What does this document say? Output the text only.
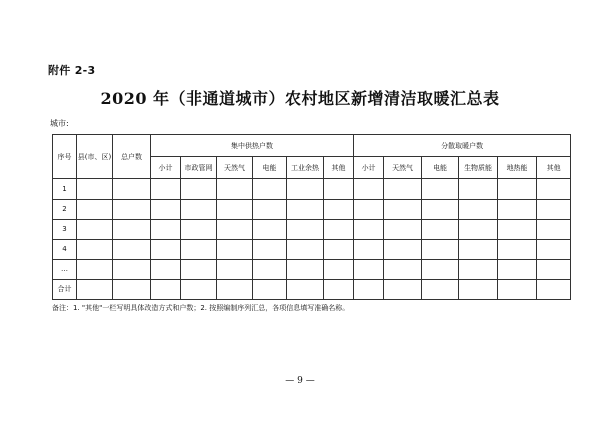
附件 2-3
2020 年（非通道城市）农村地区新增清洁取暖汇总表
城市:
序号	县(市、区)	总户数	集中供热户数						分散取暖户数					
			小计	市政管网	天然气	电能	工业余热	其他	小计	天然气	电能	生物质能	地热能	其他
1														
2														
3														
4														
…														
合计														
备注：1. "其他"一栏写明具体改造方式和户数；2. 按照编制序列汇总，各项信息填写准确名称。
— 9 —
